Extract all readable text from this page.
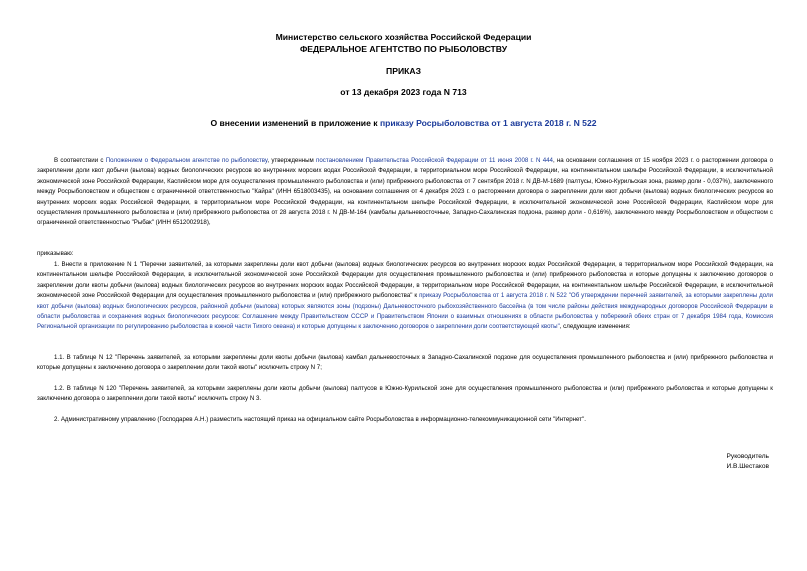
Министерство сельского хозяйства Российской Федерации
ФЕДЕРАЛЬНОЕ АГЕНТСТВО ПО РЫБОЛОВСТВУ
ПРИКАЗ
от 13 декабря 2023 года N 713
О внесении изменений в приложение к приказу Росрыболовства от 1 августа 2018 г. N 522

В соответствии с Положением о Федеральном агентстве по рыболовству, утвержденным постановлением Правительства Российской Федерации от 11 июня 2008 г. N 444, на основании соглашения от 15 ноября 2023 г. о расторжении договора о закреплении доли квот добычи (вылова) водных биологических ресурсов во внутренних морских водах Российской Федерации, в территориальном море Российской Федерации, на континентальном шельфе Российской Федерации, в исключительной экономической зоне Российской Федерации, Каспийском море для осуществления промышленного рыболовства и (или) прибрежного рыболовства от 7 сентября 2018 г. N ДВ-М-1689 (палтусы, Южно-Курильская зона, размер доли - 0,037%), заключенного между Росрыболовством и обществом с ограниченной ответственностью "Кайра" (ИНН 6518003435), на основании соглашения от 4 декабря 2023 г. о расторжении договора о закреплении доли квот добычи (вылова) водных биологических ресурсов во внутренних морских водах Российской Федерации, в территориальном море Российской Федерации, на континентальном шельфе Российской Федерации, в исключительной экономической зоне Российской Федерации, Каспийском море для осуществления промышленного рыболовства и (или) прибрежного рыболовства от 28 августа 2018 г. N ДВ-М-164 (камбалы дальневосточные, Западно-Сахалинская подзона, размер доли - 0,616%), заключенного между Росрыболовством и обществом с ограниченной ответственностью "Рыбак" (ИНН 6512002918),

приказываю:

1. Внести в приложение N 1 "Перечни заявителей, за которыми закреплены доли квот добычи (вылова) водных биологических ресурсов во внутренних морских водах Российской Федерации, в территориальном море Российской Федерации, на континентальном шельфе Российской Федерации, в исключительной экономической зоне Российской Федерации для осуществления промышленного рыболовства и (или) прибрежного рыболовства и которые допущены к заключению договоров о закреплении доли квоты добычи (вылова) водных биологических ресурсов во внутренних морских водах Российской Федерации, в территориальном море Российской Федерации, на континентальном шельфе Российской Федерации, в исключительной экономической зоне Российской Федерации для осуществления промышленного рыболовства и (или) прибрежного рыболовства" к приказу Росрыболовства от 1 августа 2018 г. N 522 "Об утверждении перечней заявителей, за которыми закреплены доли квот добычи (вылова) водных биологических ресурсов, районной добычи (вылова) которых являются зоны (подзоны) Дальневосточного рыбохозяйственного бассейна (в том числе районы действия международных договоров Российской Федерации в области рыболовства и сохранения водных биологических ресурсов: Соглашение между Правительством СССР и Правительством Японии о взаимных отношениях в области рыболовства у побережий обеих стран от 7 декабря 1984 года, Комиссия Региональной организации по регулированию рыболовства в южной части Тихого океана) и которые допущены к заключению договоров о закреплении доли соответствующей квоты", следующие изменения:

1.1. В таблице N 12 "Перечень заявителей, за которыми закреплены доли квоты добычи (вылова) камбал дальневосточных в Западно-Сахалинской подзоне для осуществления промышленного рыболовства и (или) прибрежного рыболовства и которые допущены к заключению договора о закреплении доли такой квоты" исключить строку N 7;

1.2. В таблице N 120 "Перечень заявителей, за которыми закреплены доли квоты добычи (вылова) палтусов в Южно-Курильской зоне для осуществления промышленного рыболовства и (или) прибрежного рыболовства и которые допущены к заключению договора о закреплении доли такой квоты" исключить строку N 3.

2. Административному управлению (Господарев А.Н.) разместить настоящий приказ на официальном сайте Росрыболовства в информационно-телекоммуникационной сети "Интернет".

Руководитель
И.В.Шестаков
